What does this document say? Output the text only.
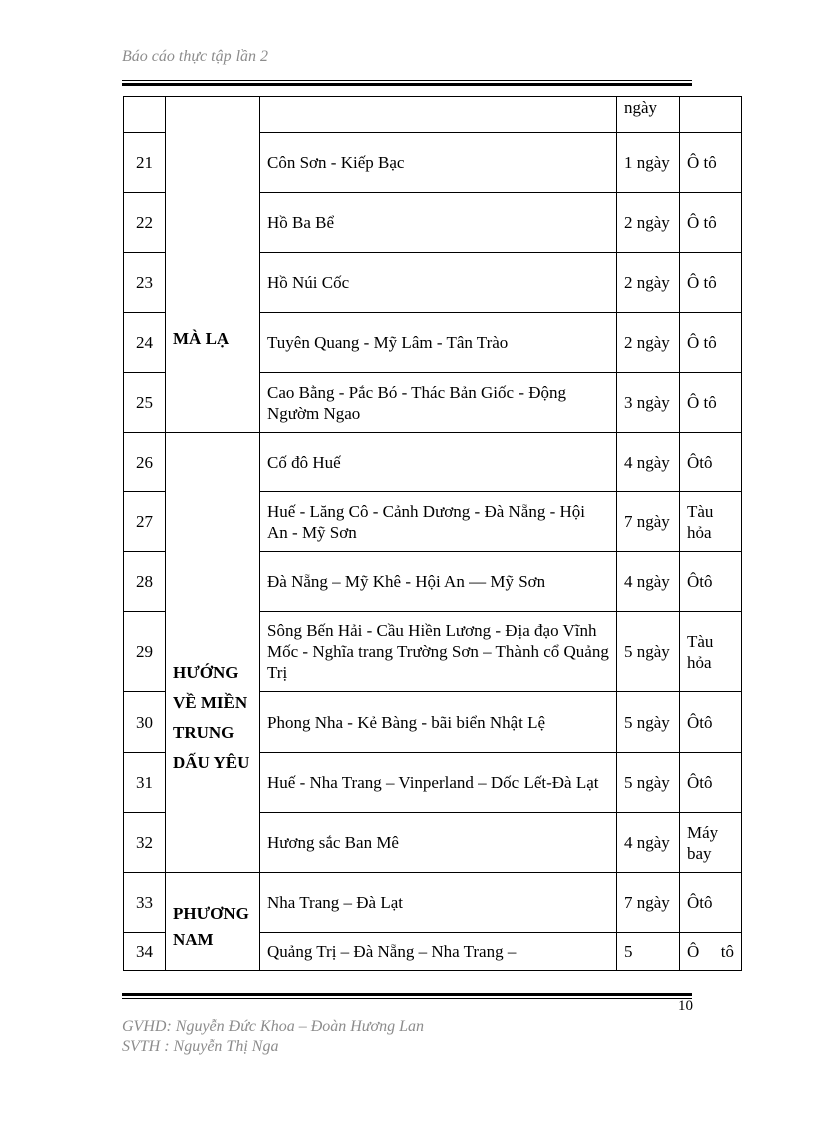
Báo cáo thực tập lần 2

	MÀ LẠ		ngày	
21		Côn Sơn - Kiếp Bạc	1 ngày	Ô tô
22		Hồ Ba Bể	2 ngày	Ô tô
23		Hồ Núi Cốc	2 ngày	Ô tô
24		Tuyên Quang - Mỹ Lâm - Tân Trào	2 ngày	Ô tô
25		Cao Bằng - Pắc Bó - Thác Bản Giốc - Động Ngườm Ngao	3 ngày	Ô tô
26	HƯỚNG VỀ MIỀN TRUNG DẤU YÊU	Cố đô Huế	4 ngày	Ôtô
27		Huế - Lăng Cô - Cảnh Dương - Đà Nẵng - Hội An - Mỹ Sơn	7 ngày	Tàu hỏa
28		Đà Nẵng – Mỹ Khê - Hội An — Mỹ Sơn	4 ngày	Ôtô
29		Sông Bến Hải - Cầu Hiền Lương - Địa đạo Vĩnh Mốc - Nghĩa trang Trường Sơn – Thành cổ Quảng Trị	5 ngày	Tàu hỏa
30		Phong Nha - Kẻ Bàng - bãi biển Nhật Lệ	5 ngày	Ôtô
31		Huế - Nha Trang – Vinperland – Dốc Lết-Đà Lạt	5 ngày	Ôtô
32		Hương sắc Ban Mê	4 ngày	Máy bay
33	PHƯƠNG NAM	Nha Trang – Đà Lạt	7 ngày	Ôtô
34		Quảng Trị – Đà Nẵng – Nha Trang –	5	Ô tô
10
GVHD: Nguyễn Đức Khoa – Đoàn Hương Lan
SVTH : Nguyễn Thị Nga
